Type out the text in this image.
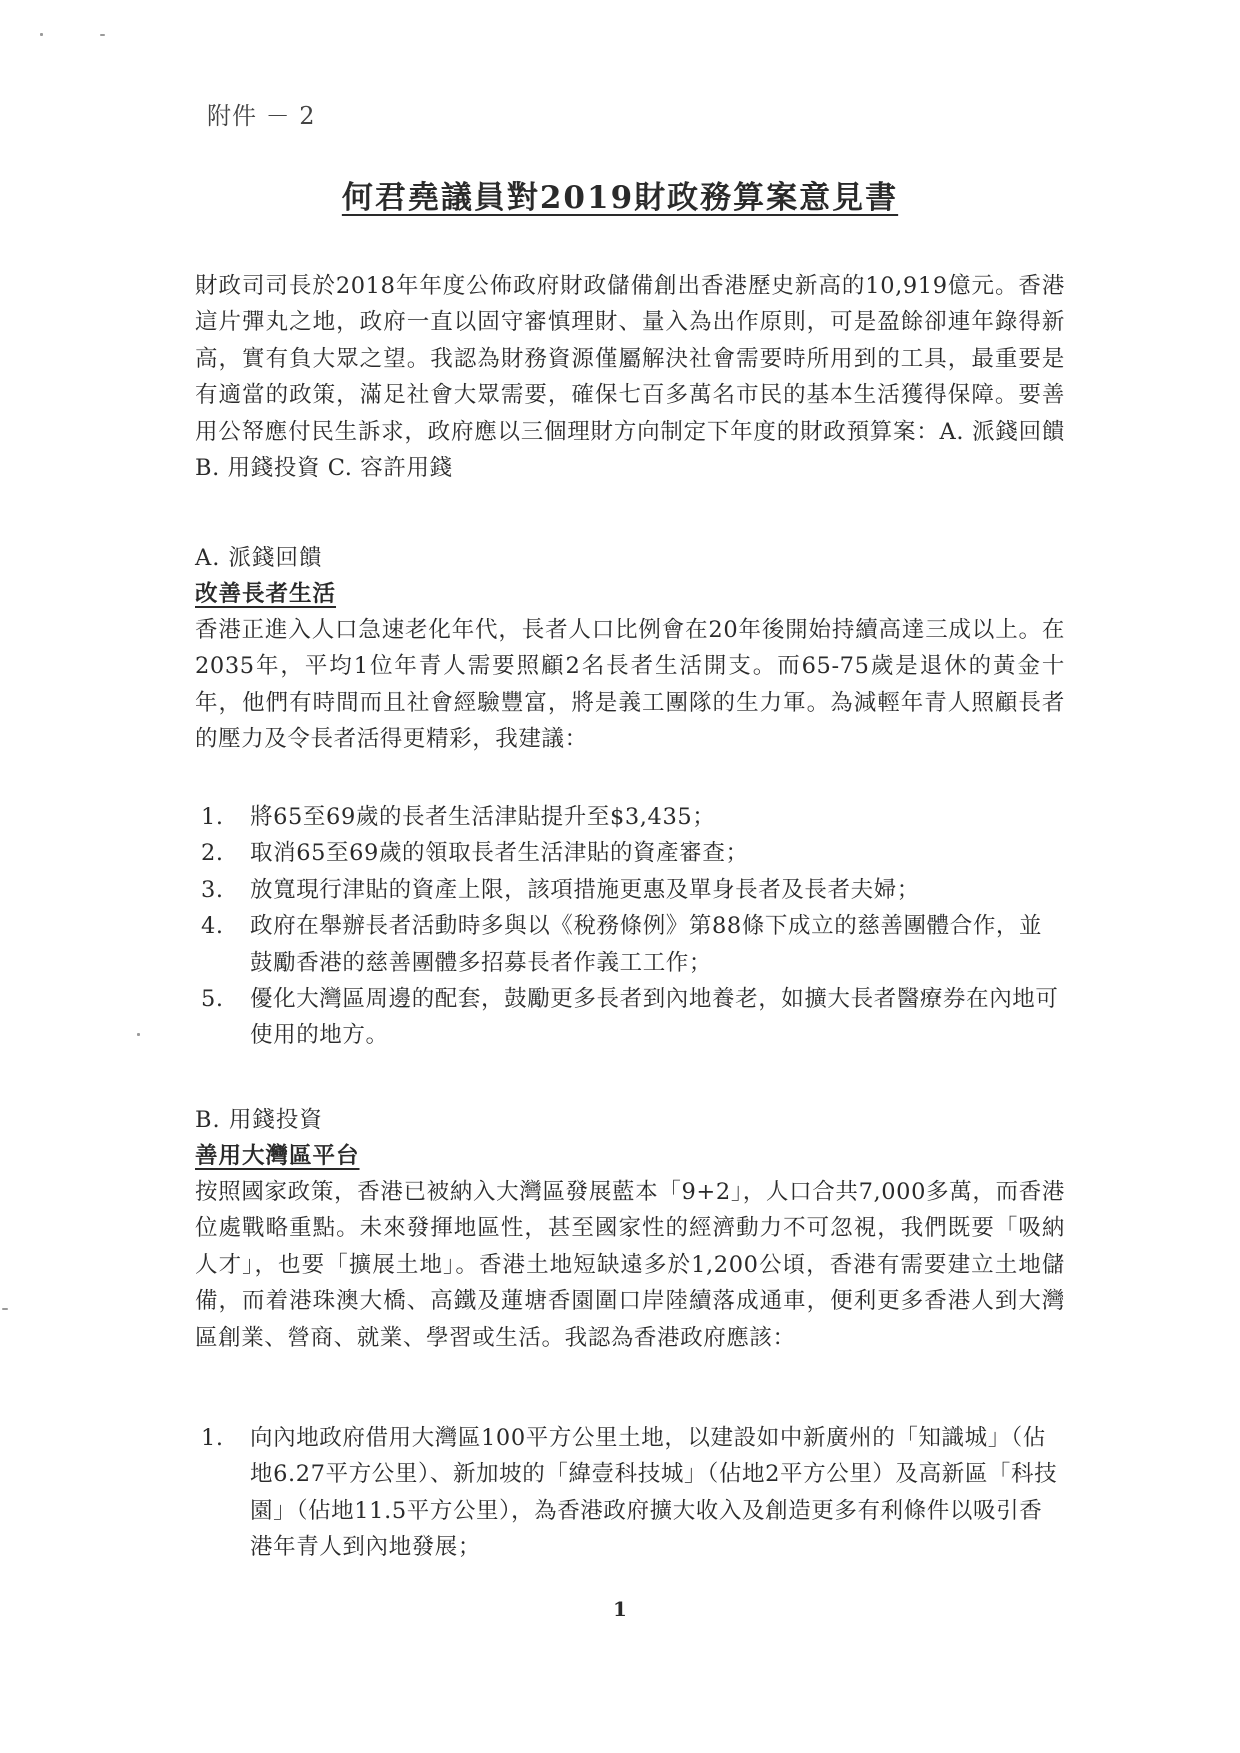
附件 － 2
何君堯議員對2019財政務算案意見書
財政司司長於2018年年度公佈政府財政儲備創出香港歷史新高的10,919億元。香港這片彈丸之地，政府一直以固守審慎理財、量入為出作原則，可是盈餘卻連年錄得新高，實有負大眾之望。我認為財務資源僅屬解決社會需要時所用到的工具，最重要是有適當的政策，滿足社會大眾需要，確保七百多萬名市民的基本生活獲得保障。要善用公帑應付民生訴求，政府應以三個理財方向制定下年度的財政預算案：A. 派錢回饋 B. 用錢投資 C. 容許用錢
A. 派錢回饋
改善長者生活
香港正進入人口急速老化年代，長者人口比例會在20年後開始持續高達三成以上。在2035年，平均1位年青人需要照顧2名長者生活開支。而65-75歲是退休的黃金十年，他們有時間而且社會經驗豐富，將是義工團隊的生力軍。為減輕年青人照顧長者的壓力及令長者活得更精彩，我建議：
1. 將65至69歲的長者生活津貼提升至$3,435；
2. 取消65至69歲的領取長者生活津貼的資產審查；
3. 放寬現行津貼的資產上限，該項措施更惠及單身長者及長者夫婦；
4. 政府在舉辦長者活動時多與以《稅務條例》第88條下成立的慈善團體合作，並鼓勵香港的慈善團體多招募長者作義工工作；
5. 優化大灣區周邊的配套，鼓勵更多長者到內地養老，如擴大長者醫療券在內地可使用的地方。
B. 用錢投資
善用大灣區平台
按照國家政策，香港已被納入大灣區發展藍本「9+2」，人口合共7,000多萬，而香港位處戰略重點。未來發揮地區性，甚至國家性的經濟動力不可忽視，我們既要「吸納人才」，也要「擴展土地」。香港土地短缺遠多於1,200公頃，香港有需要建立土地儲備，而着港珠澳大橋、高鐵及蓮塘香園圍口岸陸續落成通車，便利更多香港人到大灣區創業、營商、就業、學習或生活。我認為香港政府應該：
1. 向內地政府借用大灣區100平方公里土地，以建設如中新廣州的「知識城」（佔地6.27平方公里）、新加坡的「緯壹科技城」（佔地2平方公里）及高新區「科技園」（佔地11.5平方公里），為香港政府擴大收入及創造更多有利條件以吸引香港年青人到內地發展；
1
